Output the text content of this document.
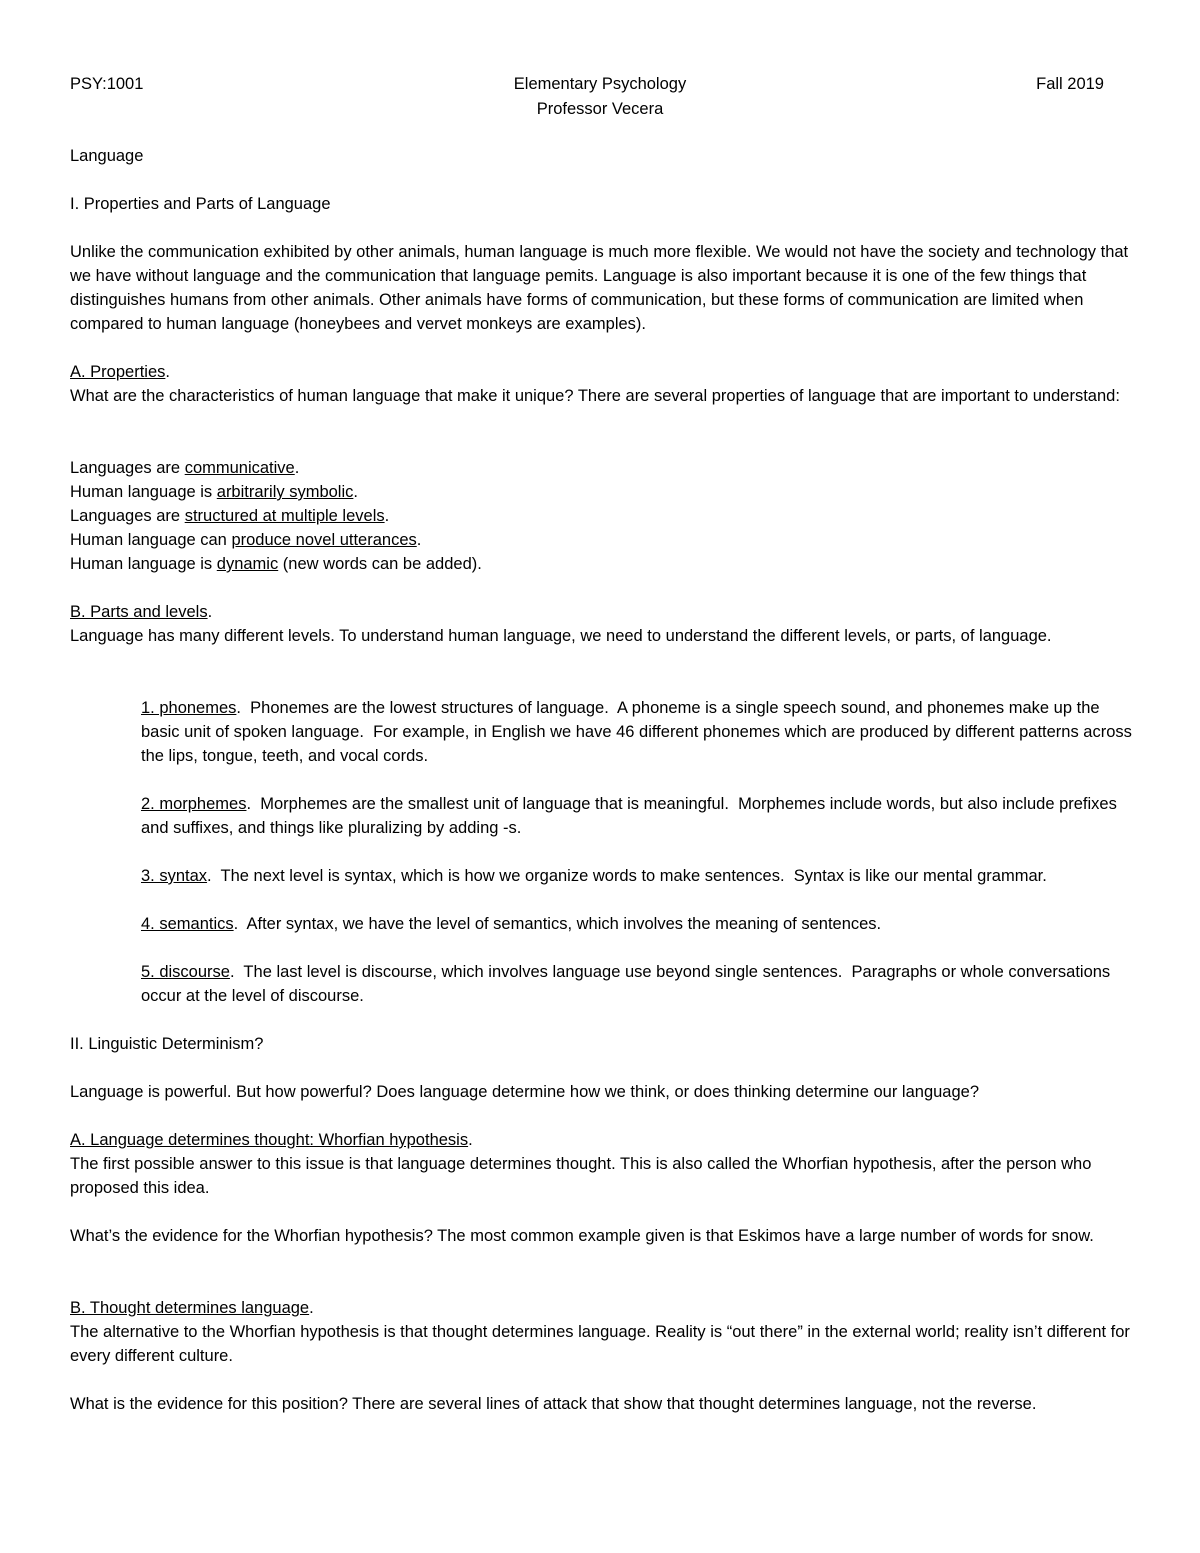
PSY:1001	Elementary Psychology
Professor Vecera
Fall 2019
Language
I. Properties and Parts of Language
Unlike the communication exhibited by other animals, human language is much more flexible. We would not have the society and technology that we have without language and the communication that language pemits. Language is also important because it is one of the few things that distinguishes humans from other animals. Other animals have forms of communication, but these forms of communication are limited when compared to human language (honeybees and vervet monkeys are examples).
A. Properties.
What are the characteristics of human language that make it unique? There are several properties of language that are important to understand:
Languages are communicative.
Human language is arbitrarily symbolic.
Languages are structured at multiple levels.
Human language can produce novel utterances.
Human language is dynamic (new words can be added).
B. Parts and levels.
Language has many different levels. To understand human language, we need to understand the different levels, or parts, of language.
1. phonemes.  Phonemes are the lowest structures of language.  A phoneme is a single speech sound, and phonemes make up the basic unit of spoken language.  For example, in English we have 46 different phonemes which are produced by different patterns across the lips, tongue, teeth, and vocal cords.
2. morphemes.  Morphemes are the smallest unit of language that is meaningful.  Morphemes include words, but also include prefixes and suffixes, and things like pluralizing by adding -s.
3. syntax.  The next level is syntax, which is how we organize words to make sentences.  Syntax is like our mental grammar.
4. semantics.  After syntax, we have the level of semantics, which involves the meaning of sentences.
5. discourse.  The last level is discourse, which involves language use beyond single sentences.  Paragraphs or whole conversations occur at the level of discourse.
II. Linguistic Determinism?
Language is powerful. But how powerful? Does language determine how we think, or does thinking determine our language?
A. Language determines thought: Whorfian hypothesis.
The first possible answer to this issue is that language determines thought. This is also called the Whorfian hypothesis, after the person who proposed this idea.
What’s the evidence for the Whorfian hypothesis? The most common example given is that Eskimos have a large number of words for snow.
B. Thought determines language.
The alternative to the Whorfian hypothesis is that thought determines language. Reality is “out there” in the external world; reality isn’t different for every different culture.
What is the evidence for this position? There are several lines of attack that show that thought determines language, not the reverse.
